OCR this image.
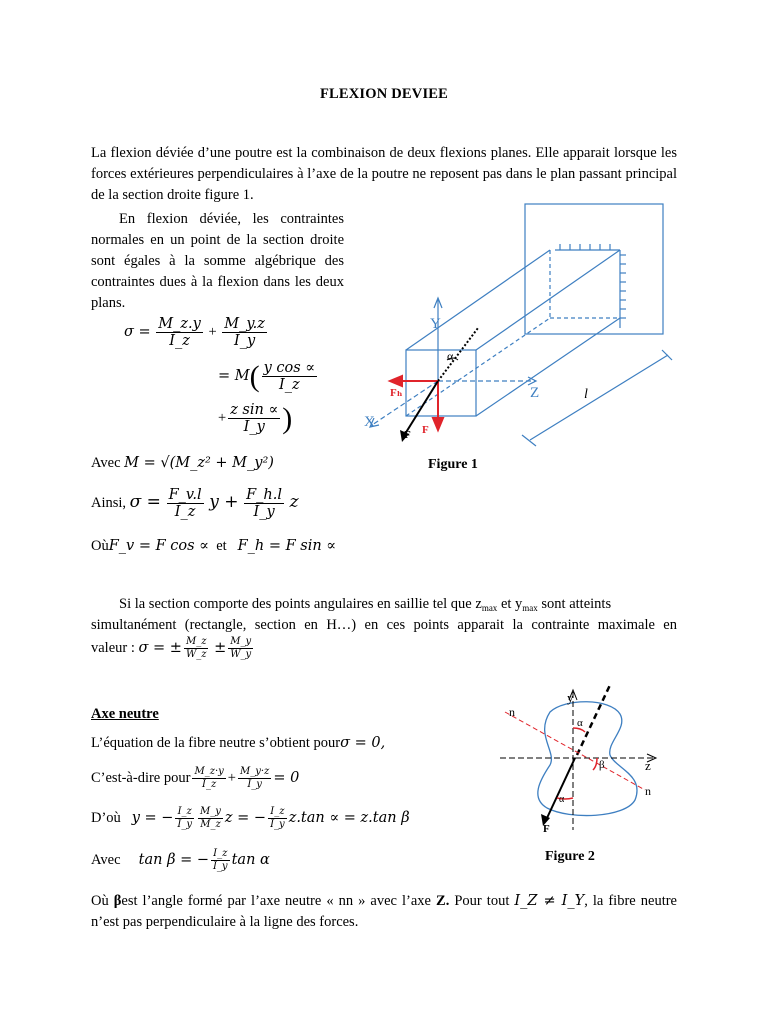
FLEXION DEVIEE
La flexion déviée d’une poutre est la combinaison de deux flexions planes. Elle apparait lorsque les forces extérieures perpendiculaires à l’axe de la poutre ne reposent pas dans le plan passant principal de la section droite figure 1.
En flexion déviée, les contraintes normales en un point de la section droite sont égales à la somme algébrique des contraintes dues à la flexion dans les deux plans.
$\sigma = \frac{M\_z.y}{I\_z} + \frac{M\_y.z}{I\_y}$
= $M( \frac{\text{y cos ∝}}{I\_z}$
+ $\frac{\text{z sin ∝}}{I\_y}$ )
Avec M = √(M_z² + M_y²)
Ainsi, $\sigma = \frac{F\_v.l}{I\_z}$ $y + \frac{F\_h.l}{I\_y}$ z
OùF_v = F cos ∝ et F_h = F sin ∝
Y
Z
X
Fₕ
F
F
l
α
Figure 1
Si la section comporte des points angulaires en saillie tel que $z_{max}$ et $y_{max}$ sont atteints
simultanément (rectangle, section en H…) en ces points apparait la contrainte maximale en
valeur : σ = ± $\frac{M\_z}{W\_z} \pm \frac{M\_y}{W\_y}$
Axe neutre
L’équation de la fibre neutre s’obtient pourσ = 0,
C’est-à-dire pour $\frac{M\_z\cdot y}{I\_z} + \frac{M\_y\cdot z}{I\_y} = 0$
D’où y = − $\frac{I\_z}{I\_y} \frac{M\_y}{M\_z}$ z = − $\frac{I\_z}{I\_y} z.\tan$ ∝ = z.tan β
Avec tan β = − $\frac{I\_z}{I\_y}$ tan α
y
z
n
n
α
β
α
F
Figure 2
Où βest l’angle formé par l’axe neutre « nn » avec l’axe Z. Pour tout I_Z ≠ I_Y, la fibre neutre
n’est pas perpendiculaire à la ligne des forces.
